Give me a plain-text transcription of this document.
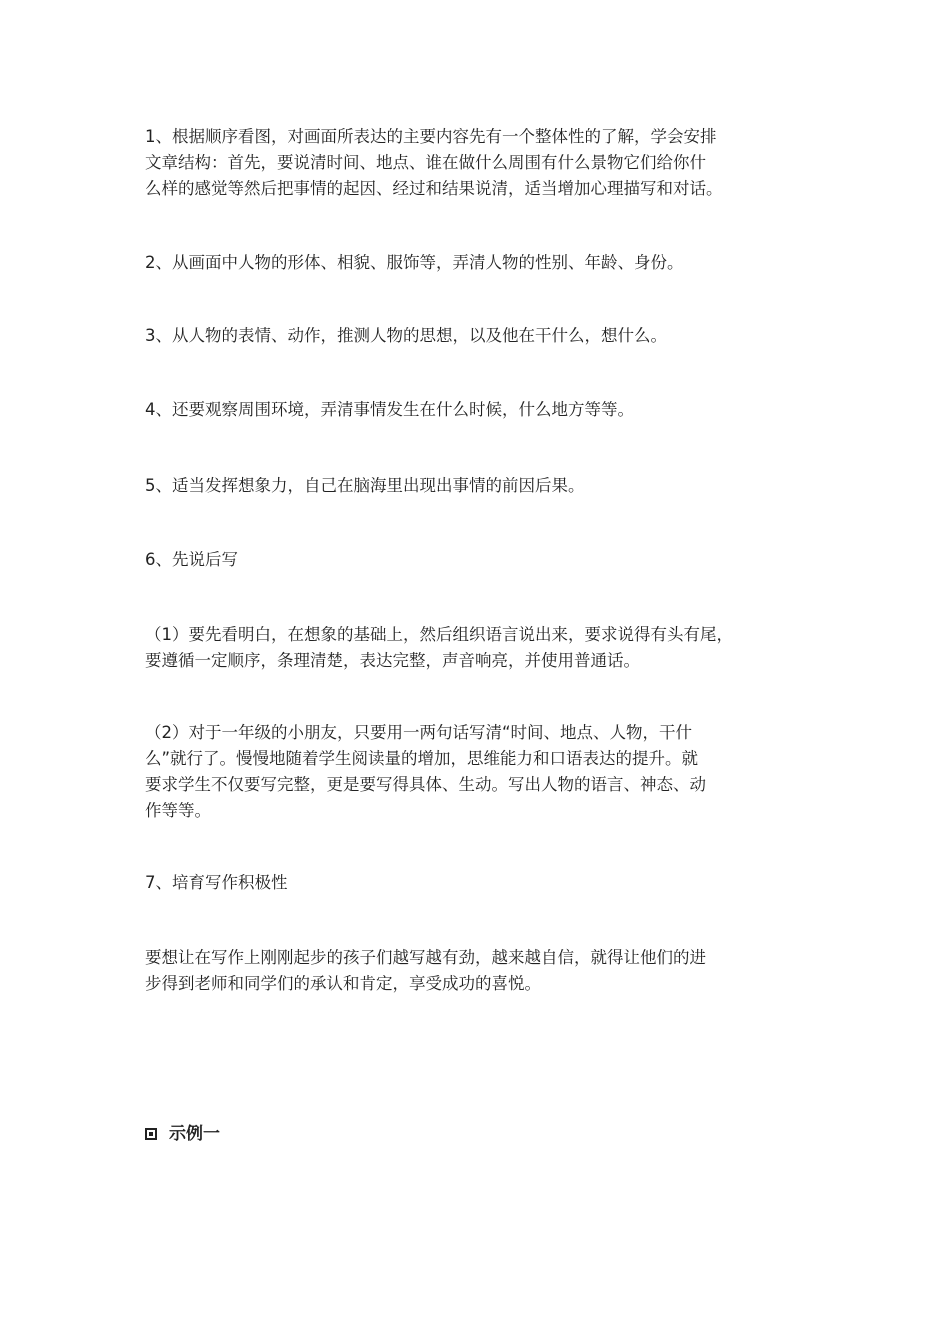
1、根据顺序看图，对画面所表达的主要内容先有一个整体性的了解，学会安排
文章结构：首先，要说清时间、地点、谁在做什么周围有什么景物它们给你什
么样的感觉等然后把事情的起因、经过和结果说清，适当增加心理描写和对话。

2、从画面中人物的形体、相貌、服饰等，弄清人物的性别、年龄、身份。

3、从人物的表情、动作，推测人物的思想，以及他在干什么，想什么。

4、还要观察周围环境，弄清事情发生在什么时候，什么地方等等。

5、适当发挥想象力，自己在脑海里出现出事情的前因后果。

6、先说后写

（1）要先看明白，在想象的基础上，然后组织语言说出来，要求说得有头有尾，
要遵循一定顺序，条理清楚，表达完整，声音响亮，并使用普通话。

（2）对于一年级的小朋友，只要用一两句话写清“时间、地点、人物，干什
么”就行了。慢慢地随着学生阅读量的增加，思维能力和口语表达的提升。就
要求学生不仅要写完整，更是要写得具体、生动。写出人物的语言、神态、动
作等等。

7、培育写作积极性

要想让在写作上刚刚起步的孩子们越写越有劲，越来越自信，就得让他们的进
步得到老师和同学们的承认和肯定，享受成功的喜悦。

示例一
